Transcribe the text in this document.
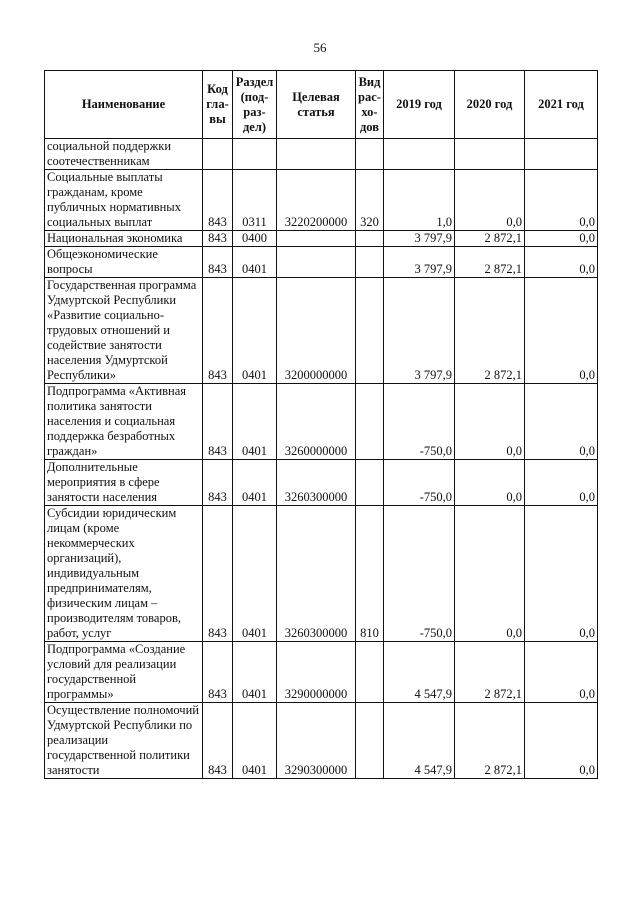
56
Наименование	Код гла-вы	Раздел (под-раз-дел)	Целевая статья	Вид рас-хо-дов	2019 год	2020 год	2021 год
социальной поддержки соотечественникам							
Социальные выплаты гражданам, кроме публичных нормативных социальных выплат	843	0311	3220200000	320	1,0	0,0	0,0
Национальная экономика	843	0400			3 797,9	2 872,1	0,0
Общеэкономические вопросы	843	0401			3 797,9	2 872,1	0,0
Государственная программа Удмуртской Республики «Развитие социально-трудовых отношений и содействие занятости населения Удмуртской Республики»	843	0401	3200000000		3 797,9	2 872,1	0,0
Подпрограмма «Активная политика занятости населения и социальная поддержка безработных граждан»	843	0401	3260000000		-750,0	0,0	0,0
Дополнительные мероприятия в сфере занятости населения	843	0401	3260300000		-750,0	0,0	0,0
Субсидии юридическим лицам (кроме некоммерческих организаций), индивидуальным предпринимателям, физическим лицам – производителям товаров, работ, услуг	843	0401	3260300000	810	-750,0	0,0	0,0
Подпрограмма «Создание условий для реализации государственной программы»	843	0401	3290000000		4 547,9	2 872,1	0,0
Осуществление полномочий Удмуртской Республики по реализации государственной политики занятости	843	0401	3290300000		4 547,9	2 872,1	0,0
